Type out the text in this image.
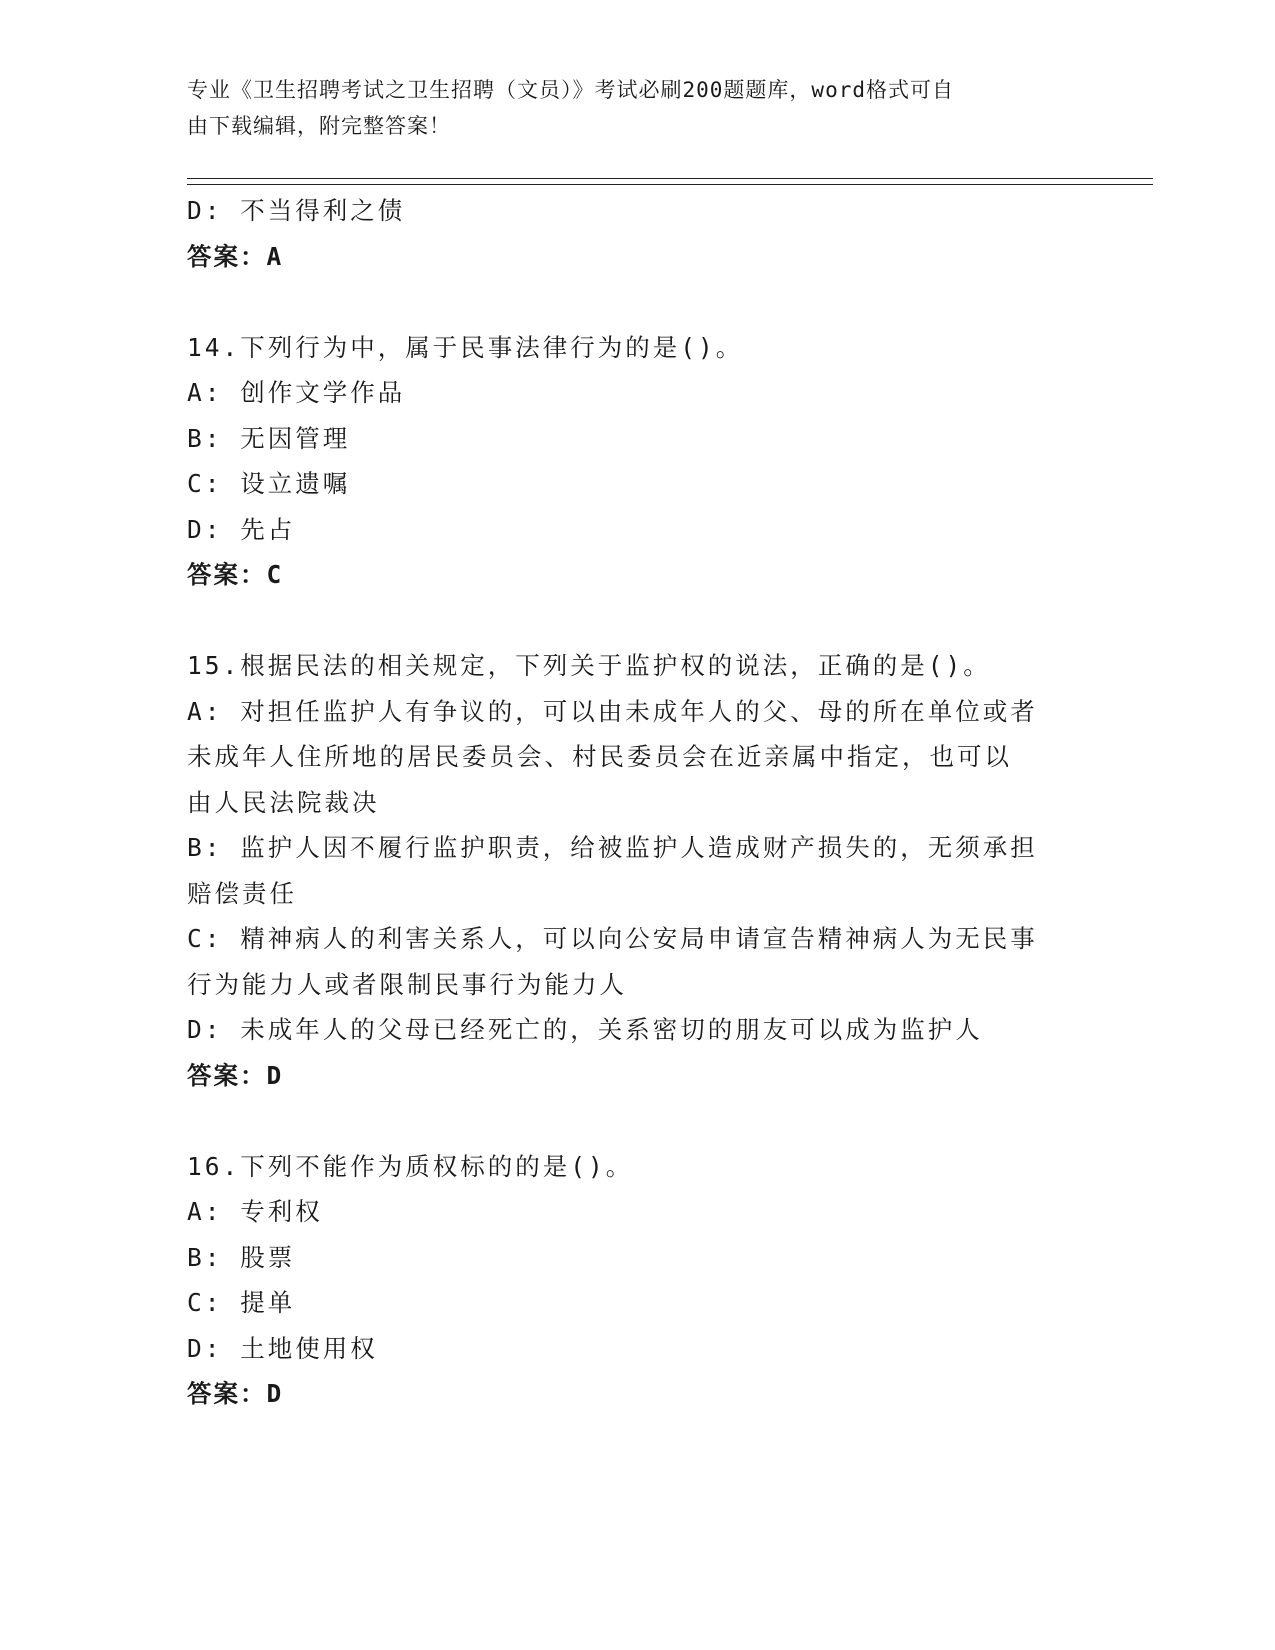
专业《卫生招聘考试之卫生招聘（文员）》考试必刷200题题库，word格式可自
由下载编辑，附完整答案！
D: 不当得利之债
答案：A
14.下列行为中，属于民事法律行为的是()。
A: 创作文学作品
B: 无因管理
C: 设立遗嘱
D: 先占
答案：C
15.根据民法的相关规定，下列关于监护权的说法，正确的是()。
A: 对担任监护人有争议的，可以由未成年人的父、母的所在单位或者
未成年人住所地的居民委员会、村民委员会在近亲属中指定，也可以
由人民法院裁决
B: 监护人因不履行监护职责，给被监护人造成财产损失的，无须承担
赔偿责任
C: 精神病人的利害关系人，可以向公安局申请宣告精神病人为无民事
行为能力人或者限制民事行为能力人
D: 未成年人的父母已经死亡的，关系密切的朋友可以成为监护人
答案：D
16.下列不能作为质权标的的是()。
A: 专利权
B: 股票
C: 提单
D: 土地使用权
答案：D
